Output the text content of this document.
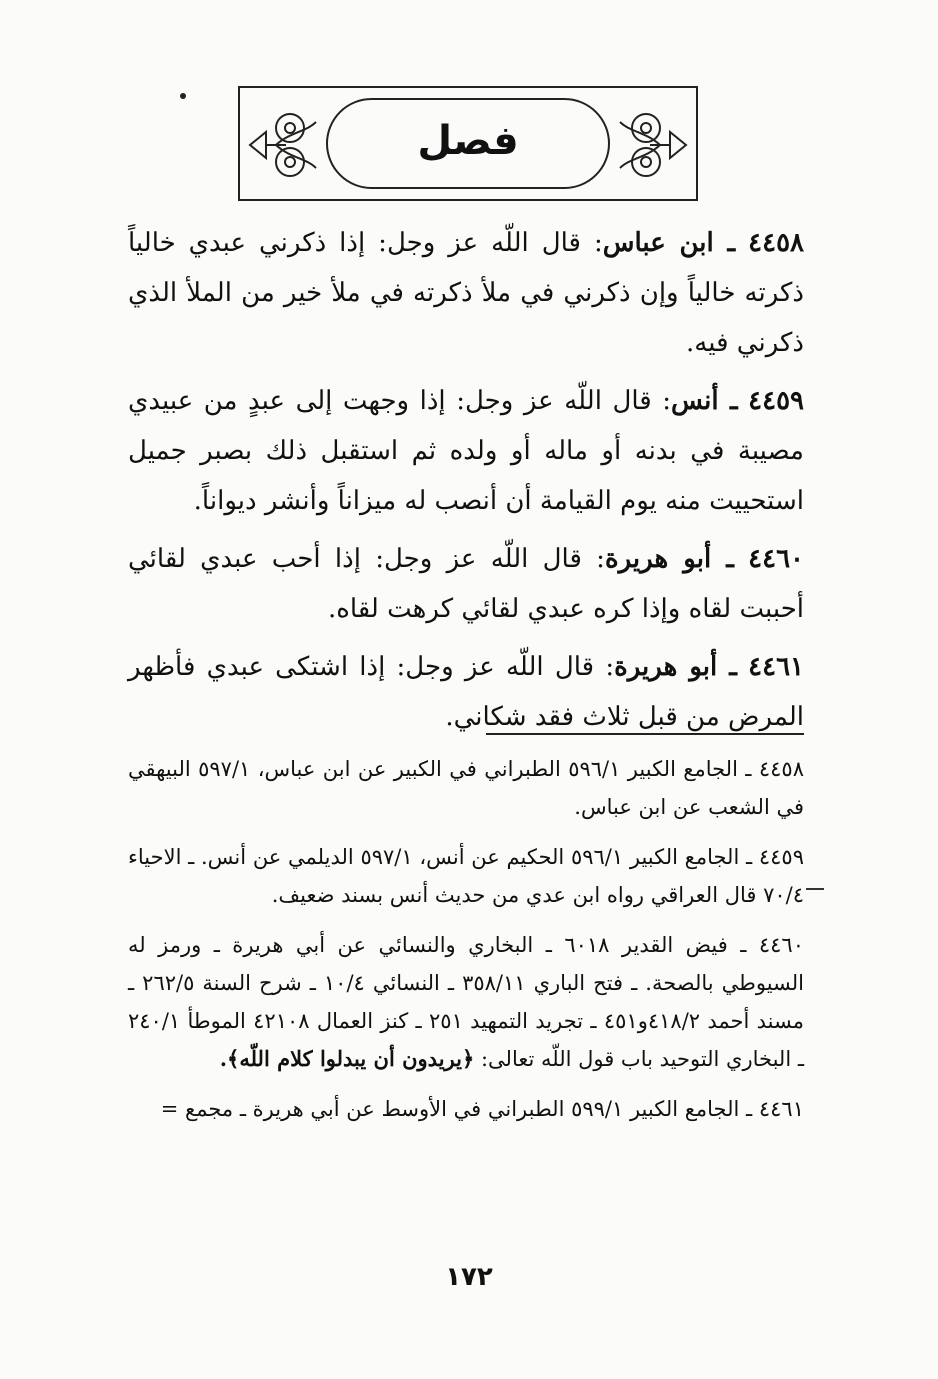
فصل

٤٤٥٨ ـ ابن عباس: قال اللّه عز وجل: إذا ذكرني عبدي خالياً ذكرته خالياً وإن ذكرني في ملأ ذكرته في ملأ خير من الملأ الذي ذكرني فيه.

٤٤٥٩ ـ أنس: قال اللّه عز وجل: إذا وجهت إلى عبدٍ من عبيدي مصيبة في بدنه أو ماله أو ولده ثم استقبل ذلك بصبر جميل استحييت منه يوم القيامة أن أنصب له ميزاناً وأنشر ديواناً.

٤٤٦٠ ـ أبو هريرة: قال اللّه عز وجل: إذا أحب عبدي لقائي أحببت لقاه وإذا كره عبدي لقائي كرهت لقاه.

٤٤٦١ ـ أبو هريرة: قال اللّه عز وجل: إذا اشتكى عبدي فأظهر المرض من قبل ثلاث فقد شكاني.

٤٤٥٨ ـ الجامع الكبير ٥٩٦/١ الطبراني في الكبير عن ابن عباس، ٥٩٧/١ البيهقي في الشعب عن ابن عباس.

٤٤٥٩ ـ الجامع الكبير ٥٩٦/١ الحكيم عن أنس، ٥٩٧/١ الديلمي عن أنس. ـ الاحياء ٧٠/٤ قال العراقي رواه ابن عدي من حديث أنس بسند ضعيف.

٤٤٦٠ ـ فيض القدير ٦٠١٨ ـ البخاري والنسائي عن أبي هريرة ـ ورمز له السيوطي بالصحة. ـ فتح الباري ٣٥٨/١١ ـ النسائي ١٠/٤ ـ شرح السنة ٢٦٢/٥ ـ مسند أحمد ٤١٨/٢و٤٥١ ـ تجريد التمهيد ٢٥١ ـ كنز العمال ٤٢١٠٨ الموطأ ٢٤٠/١ ـ البخاري التوحيد باب قول اللّه تعالى: ﴿يريدون أن يبدلوا كلام اللّه﴾.

٤٤٦١ ـ الجامع الكبير ٥٩٩/١ الطبراني في الأوسط عن أبي هريرة ـ مجمع =

١٧٢
